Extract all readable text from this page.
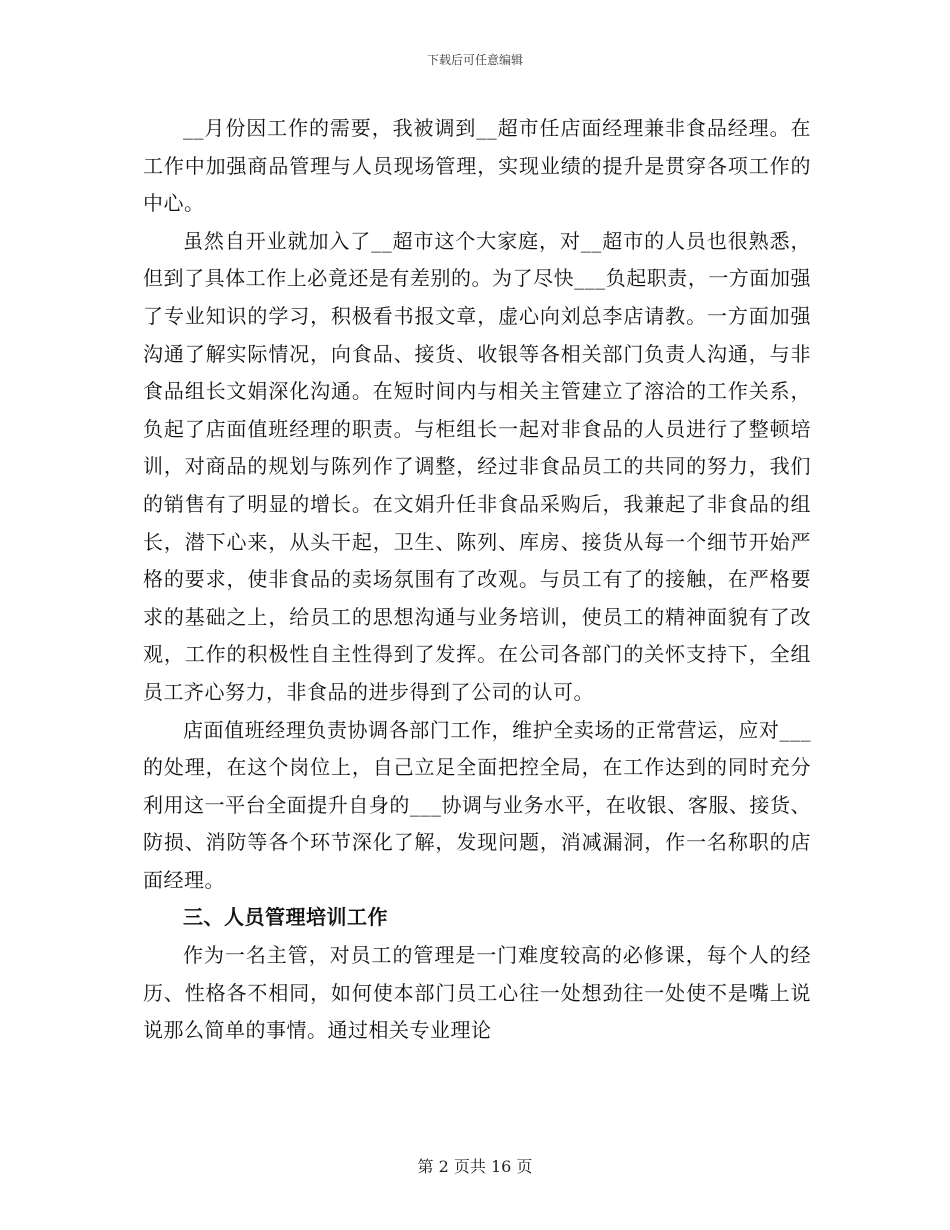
下载后可任意编辑

__月份因工作的需要，我被调到__超市任店面经理兼非食品经理。在工作中加强商品管理与人员现场管理，实现业绩的提升是贯穿各项工作的中心。

虽然自开业就加入了__超市这个大家庭，对__超市的人员也很熟悉，但到了具体工作上必竟还是有差别的。为了尽快___负起职责，一方面加强了专业知识的学习，积极看书报文章，虚心向刘总李店请教。一方面加强沟通了解实际情况，向食品、接货、收银等各相关部门负责人沟通，与非食品组长文娟深化沟通。在短时间内与相关主管建立了溶洽的工作关系，负起了店面值班经理的职责。与柜组长一起对非食品的人员进行了整顿培训，对商品的规划与陈列作了调整，经过非食品员工的共同的努力，我们的销售有了明显的增长。在文娟升任非食品采购后，我兼起了非食品的组长，潜下心来，从头干起，卫生、陈列、库房、接货从每一个细节开始严格的要求，使非食品的卖场氛围有了改观。与员工有了的接触，在严格要求的基础之上，给员工的思想沟通与业务培训，使员工的精神面貌有了改观，工作的积极性自主性得到了发挥。在公司各部门的关怀支持下，全组员工齐心努力，非食品的进步得到了公司的认可。

店面值班经理负责协调各部门工作，维护全卖场的正常营运，应对___的处理，在这个岗位上，自己立足全面把控全局，在工作达到的同时充分利用这一平台全面提升自身的___协调与业务水平，在收银、客服、接货、防损、消防等各个环节深化了解，发现问题，消减漏洞，作一名称职的店面经理。

三、人员管理培训工作

作为一名主管，对员工的管理是一门难度较高的必修课，每个人的经历、性格各不相同，如何使本部门员工心往一处想劲往一处使不是嘴上说说那么简单的事情。通过相关专业理论

第 2 页共 16 页
